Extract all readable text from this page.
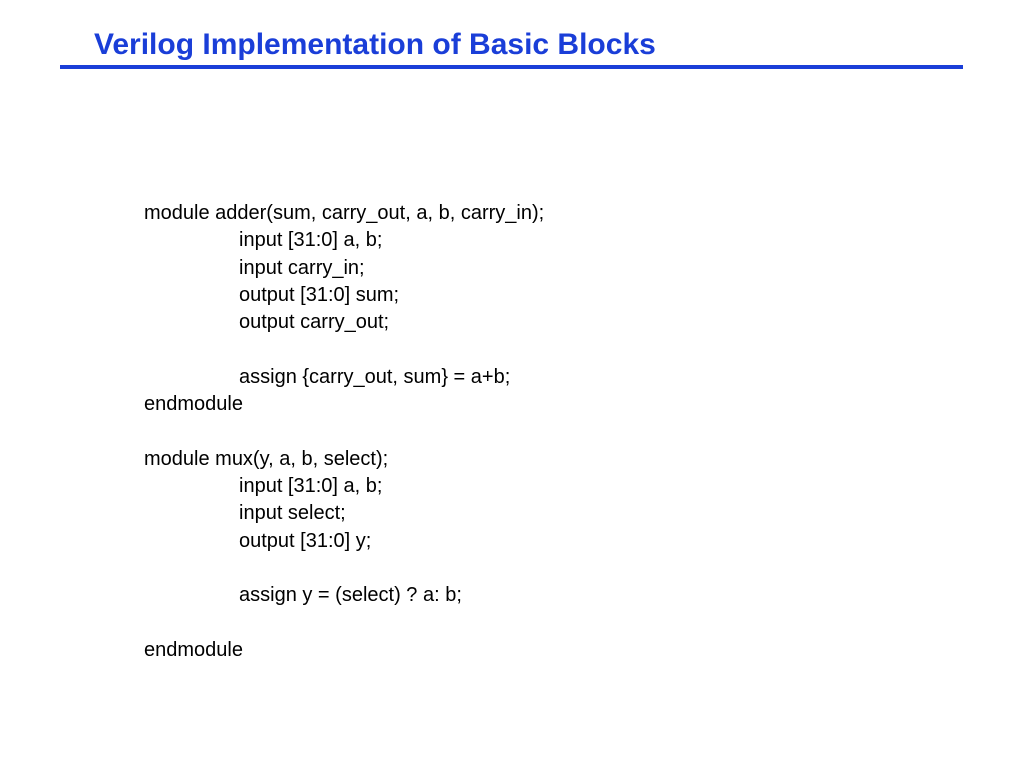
Verilog Implementation of Basic Blocks
module adder(sum, carry_out, a, b, carry_in);
input [31:0] a, b;
input carry_in;
output [31:0] sum;
output carry_out;
assign {carry_out, sum} = a+b;
endmodule
module mux(y, a, b, select);
input [31:0] a, b;
input select;
output [31:0] y;
assign y = (select) ? a: b;
endmodule
